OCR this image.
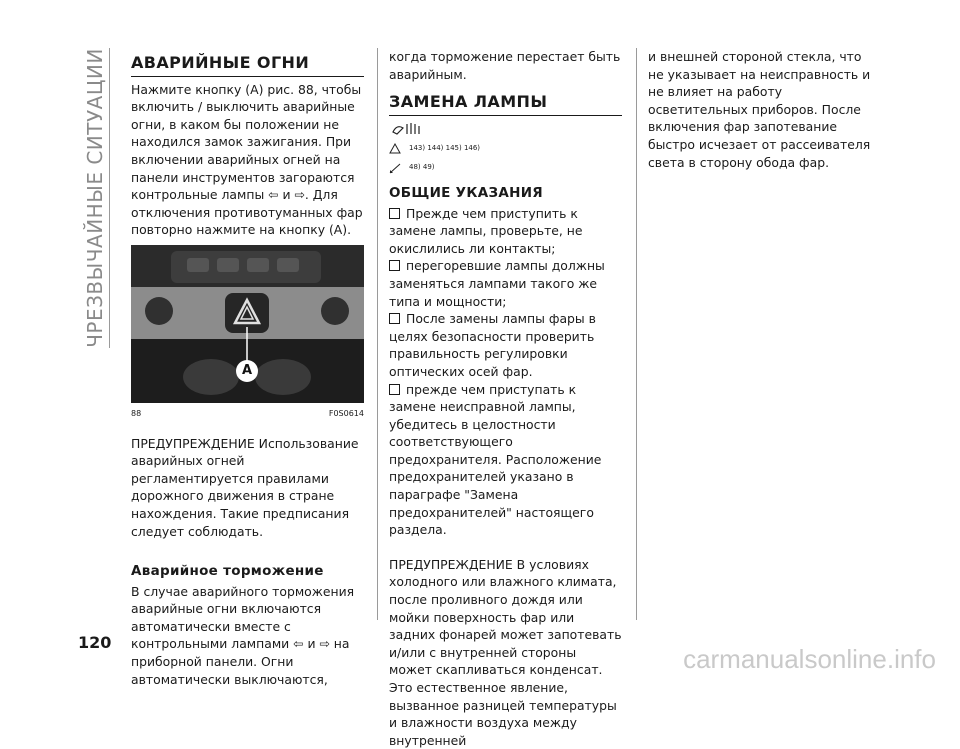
ЧРЕЗВЫЧАЙНЫЕ СИТУАЦИИ АВАРИЙНЫЕ ОГНИ

Нажмите кнопку (А) рис. 88, чтобы включить / выключить аварийные огни, в каком бы положении не находился замок зажигания. При включении аварийных огней на панели инструментов загораются контрольные лампы ⇦ и ⇨. Для отключения противотуманных фар повторно нажмите на кнопку (А).

A
88	F0S0614

ПРЕДУПРЕЖДЕНИЕ Использование аварийных огней регламентируется правилами дорожного движения в стране нахождения. Такие предписания следует соблюдать.

Аварийное торможение

В случае аварийного торможения аварийные огни включаются автоматически вместе с контрольными лампами ⇦ и ⇨ на приборной панели. Огни автоматически выключаются,

когда торможение перестает быть аварийным.

ЗАМЕНА ЛАМПЫ
143) 144) 145) 146)
48) 49)
ОБЩИЕ УКАЗАНИЯ

Прежде чем приступить к замене лампы, проверьте, не окислились ли контакты;

перегоревшие лампы должны заменяться лампами такого же типа и мощности;

После замены лампы фары в целях безопасности проверить правильность регулировки оптических осей фар.

прежде чем приступать к замене неисправной лампы, убедитесь в целостности соответствующего предохранителя. Расположение предохранителей указано в параграфе "Замена предохранителей" настоящего раздела.

ПРЕДУПРЕЖДЕНИЕ В условиях холодного или влажного климата, после проливного дождя или мойки поверхность фар или задних фонарей может запотевать и/или с внутренней стороны может скапливаться конденсат. Это естественное явление, вызванное разницей температуры и влажности воздуха между внутренней

и внешней стороной стекла, что не указывает на неисправность и не влияет на работу осветительных приборов. После включения фар запотевание быстро исчезает от рассеивателя света в сторону обода фар.

120
carmanualsonline.info
